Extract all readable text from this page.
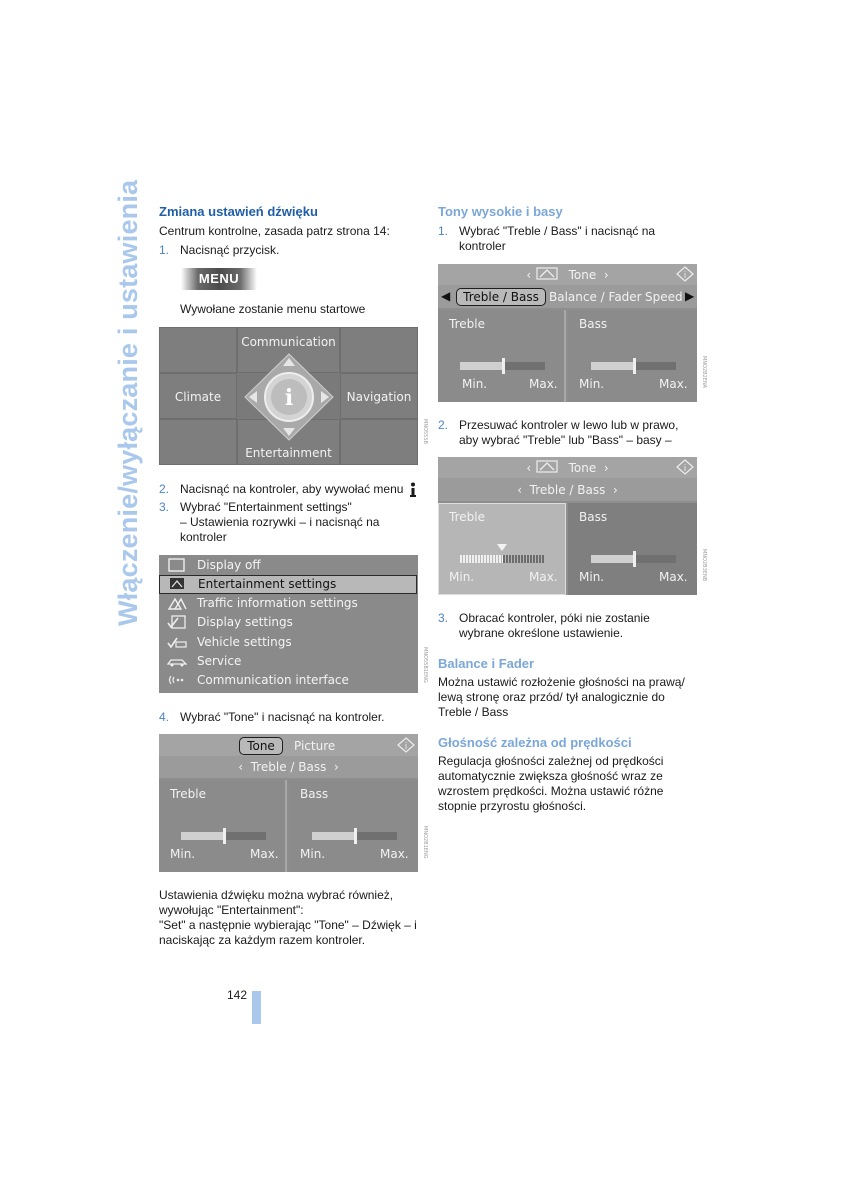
Włączenie/wyłączanie i ustawienia	Zmiana ustawień dźwięku
Centrum kontrolne, zasada patrz strona 14:
1. Nacisnąć przycisk.
MENU
Wywołane zostanie menu startowe
i
Communication
Climate	Navigation
Entertainment
MNO55SB
2. Nacisnąć na kontroler, aby wywołać menu
3. Wybrać "Entertainment settings"
– Ustawienia rozrywki – i nacisnąć na
kontroler
Display off
Entertainment settings
Traffic information settings
Display settings
Vehicle settings
Service
Communication interface	MNO55B1ENG
4. Wybrać "Tone" i nacisnąć na kontroler.
Tone	Picture	i
‹  Treble / Bass  ›
Treble	Bass
Min.	Max. Min.	Max.	MNO2B1ENG
Ustawienia dźwięku można wybrać również,
wywołując "Entertainment":
"Set" a następnie wybierając "Tone" – Dźwięk – i
naciskając za każdym razem kontroler.
Tony wysokie i basy
1. Wybrać "Treble / Bass" i nacisnąć na
kontroler
‹	Tone  ›	i
◀	Treble / Bass Balance / Fader Speed ▶
Treble	Bass
Min.	Max. Min.	Max.	MNO2B2ENA
2. Przesuwać kontroler w lewo lub w prawo,
aby wybrać "Treble" lub "Bass" – basy –
‹	Tone  ›	i
‹  Treble / Bass  ›
Treble	Bass
Min.	Max. Min.	Max.	MNO2B3ENB
3. Obracać kontroler, póki nie zostanie
wybrane określone ustawienie.
Balance i Fader
Można ustawić rozłożenie głośności na prawą/
lewą stronę oraz przód/ tył analogicznie do
Treble / Bass
Głośność zależna od prędkości
Regulacja głośności zależnej od prędkości
automatycznie zwiększa głośność wraz ze
wzrostem prędkości. Można ustawić różne
stopnie przyrostu głośności.
142
